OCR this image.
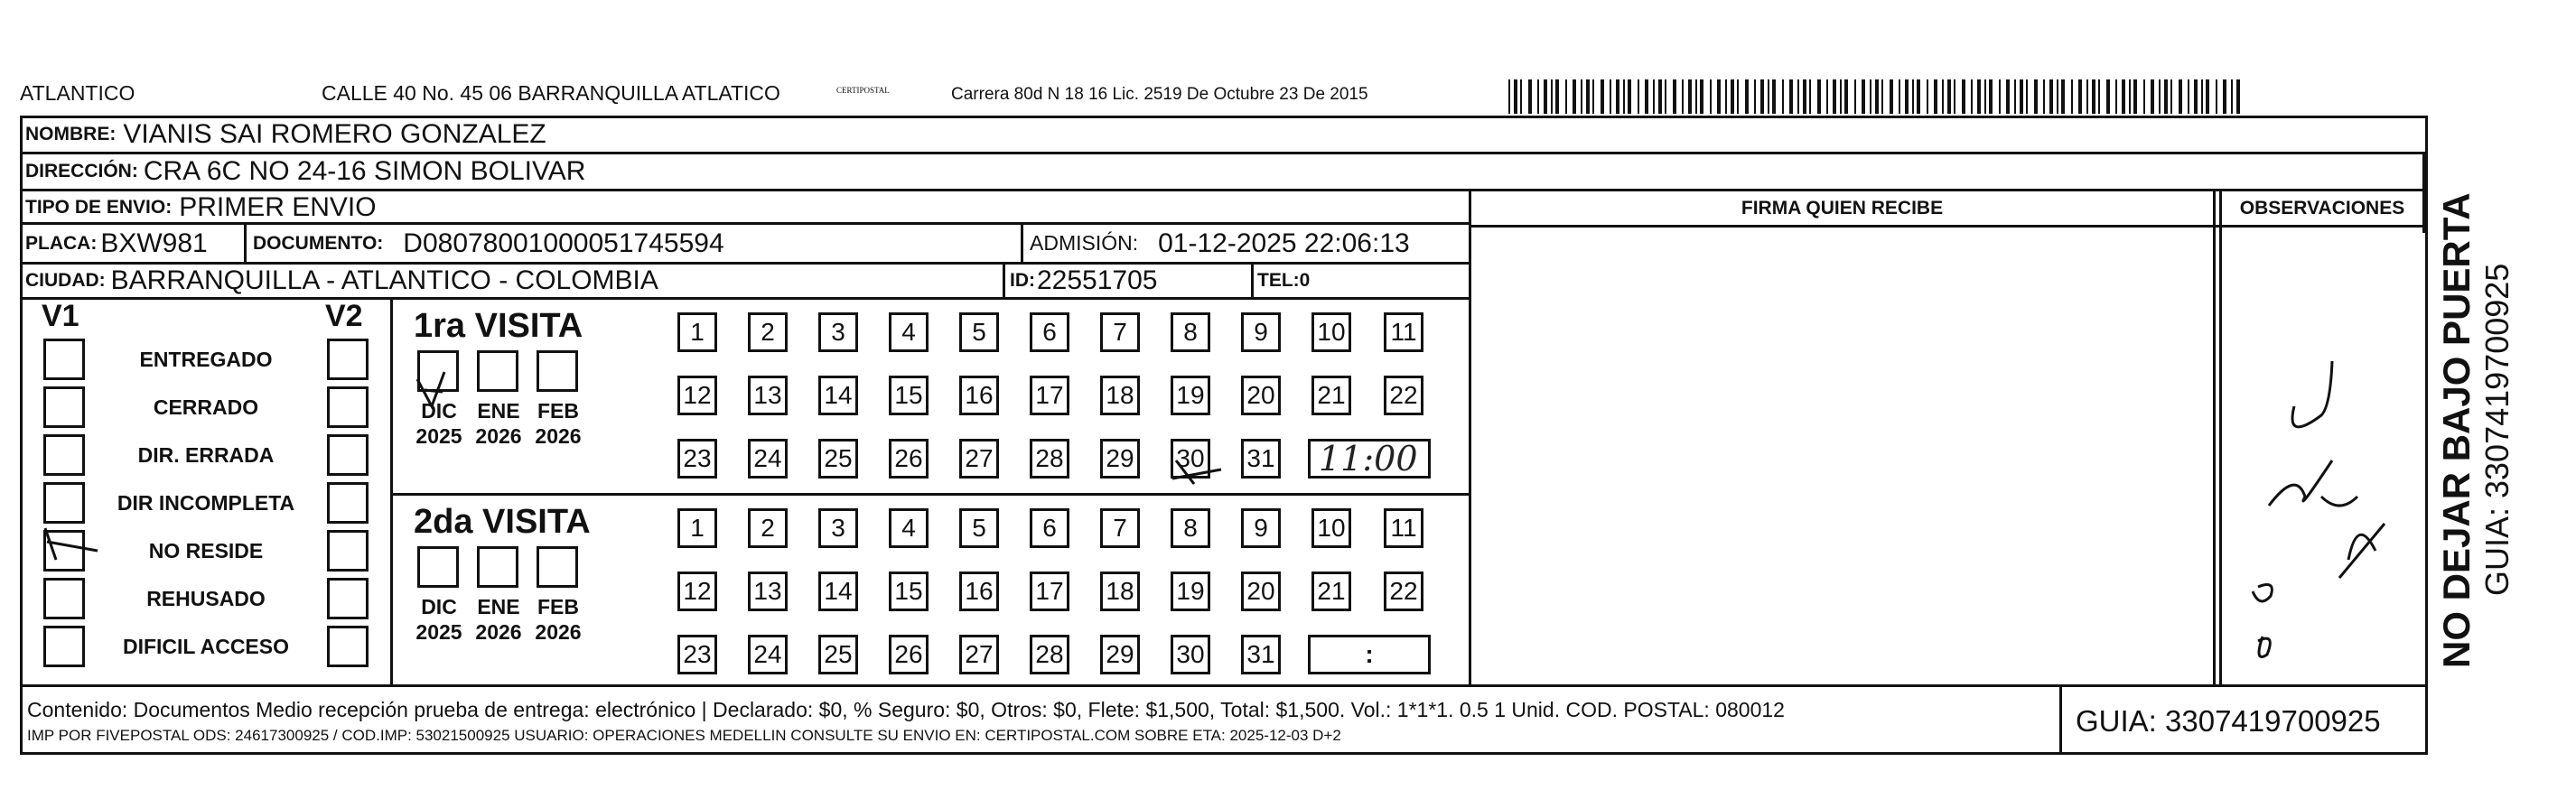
ATLANTICO	CALLE 40 No. 45 06 BARRANQUILLA ATLATICO	CERTIPOSTAL	Carrera 80d N 18 16 Lic. 2519 De Octubre 23 De 2015
NOMBRE: VIANIS SAI ROMERO GONZALEZ
DIRECCIÓN: CRA 6C NO 24-16 SIMON BOLIVAR
TIPO DE ENVIO: PRIMER ENVIO	FIRMA QUIEN RECIBE	OBSERVACIONES
PLACA: BXW981 DOCUMENTO: D08078001000051745594	ADMISIÓN: 01-12-2025 22:06:13
CIUDAD: BARRANQUILLA - ATLANTICO - COLOMBIA	ID: 22551705	TEL: 0
V1	V2
ENTREGADO
CERRADO
DIR. ERRADA
DIR INCOMPLETA
NO RESIDE
REHUSADO
DIFICIL ACCESO
1ra VISITA
2da VISITA
DIC
2025
ENE
2026
FEB
2026
1	2	3	4	5	6	7	8	9	10 11
12 13 14 15 16 17 18 19 20 21 22
23 24 25 26 27 28 29 30 31
DIC
2025
ENE
2026
FEB
2026
1	2	3	4	5	6	7	8	9	10 11
12 13 14 15 16 17 18 19 20 21 22
23 24 25 26 27 28 29 30 31	:
11:00
Contenido: Documentos Medio recepción prueba de entrega: electrónico | Declarado: $0, % Seguro: $0, Otros: $0, Flete: $1,500, Total: $1,500. Vol.: 1*1*1. 0.5 1 Unid. COD. POSTAL: 080012
IMP POR FIVEPOSTAL ODS: 24617300925 / COD.IMP: 53021500925 USUARIO: OPERACIONES MEDELLIN CONSULTE SU ENVIO EN: CERTIPOSTAL.COM SOBRE ETA: 2025-12-03 D+2	GUIA: 3307419700925
NO DEJAR BAJO PUERTA GUIA: 3307419700925
